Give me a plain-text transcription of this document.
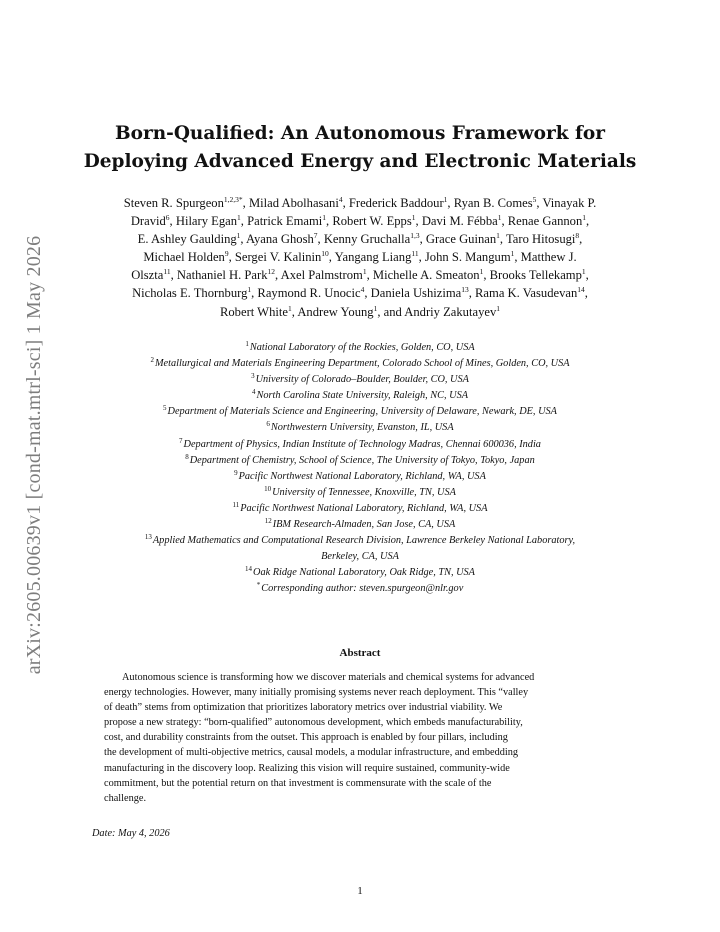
arXiv:2605.00639v1 [cond-mat.mtrl-sci] 1 May 2026
Born-Qualified: An Autonomous Framework for
Deploying Advanced Energy and Electronic Materials
Steven R. Spurgeon$^{1,2,3*}$, Milad Abolhasani$^4$, Frederick Baddour$^1$, Ryan B. Comes$^5$, Vinayak P.
Dravid$^6$, Hilary Egan$^1$, Patrick Emami$^1$, Robert W. Epps$^1$, Davi M. Fébba$^1$, Renae Gannon$^1$,
E. Ashley Gaulding$^1$, Ayana Ghosh$^7$, Kenny Gruchalla$^{1,3}$, Grace Guinan$^1$, Taro Hitosugi$^8$,
Michael Holden$^9$, Sergei V. Kalinin$^{10}$, Yangang Liang$^{11}$, John S. Mangum$^1$, Matthew J.
Olszta$^{11}$, Nathaniel H. Park$^{12}$, Axel Palmstrom$^1$, Michelle A. Smeaton$^1$, Brooks Tellekamp$^1$,
Nicholas E. Thornburg$^1$, Raymond R. Unocic$^4$, Daniela Ushizima$^{13}$, Rama K. Vasudevan$^{14}$,
Robert White$^1$, Andrew Young$^1$, and Andriy Zakutayev$^1$
$^1$National Laboratory of the Rockies, Golden, CO, USA
$^2$Metallurgical and Materials Engineering Department, Colorado School of Mines, Golden, CO, USA
$^3$University of Colorado–Boulder, Boulder, CO, USA
$^4$North Carolina State University, Raleigh, NC, USA
$^5$Department of Materials Science and Engineering, University of Delaware, Newark, DE, USA
$^6$Northwestern University, Evanston, IL, USA
$^7$Department of Physics, Indian Institute of Technology Madras, Chennai 600036, India
$^8$Department of Chemistry, School of Science, The University of Tokyo, Tokyo, Japan
$^9$Pacific Northwest National Laboratory, Richland, WA, USA
$^{10}$University of Tennessee, Knoxville, TN, USA
$^{11}$Pacific Northwest National Laboratory, Richland, WA, USA
$^{12}$IBM Research-Almaden, San Jose, CA, USA
$^{13}$Applied Mathematics and Computational Research Division, Lawrence Berkeley National Laboratory,
Berkeley, CA, USA
$^{14}$Oak Ridge National Laboratory, Oak Ridge, TN, USA
*Corresponding author: steven.spurgeon@nlr.gov
Abstract
Autonomous science is transforming how we discover materials and chemical systems for advanced
energy technologies. However, many initially promising systems never reach deployment. This “valley
of death” stems from optimization that prioritizes laboratory metrics over industrial viability. We
propose a new strategy: “born-qualified” autonomous development, which embeds manufacturability,
cost, and durability constraints from the outset. This approach is enabled by four pillars, including
the development of multi-objective metrics, causal models, a modular infrastructure, and embedding
manufacturing in the discovery loop. Realizing this vision will require sustained, community-wide
commitment, but the potential return on that investment is commensurate with the scale of the
challenge.
Date: May 4, 2026
1
